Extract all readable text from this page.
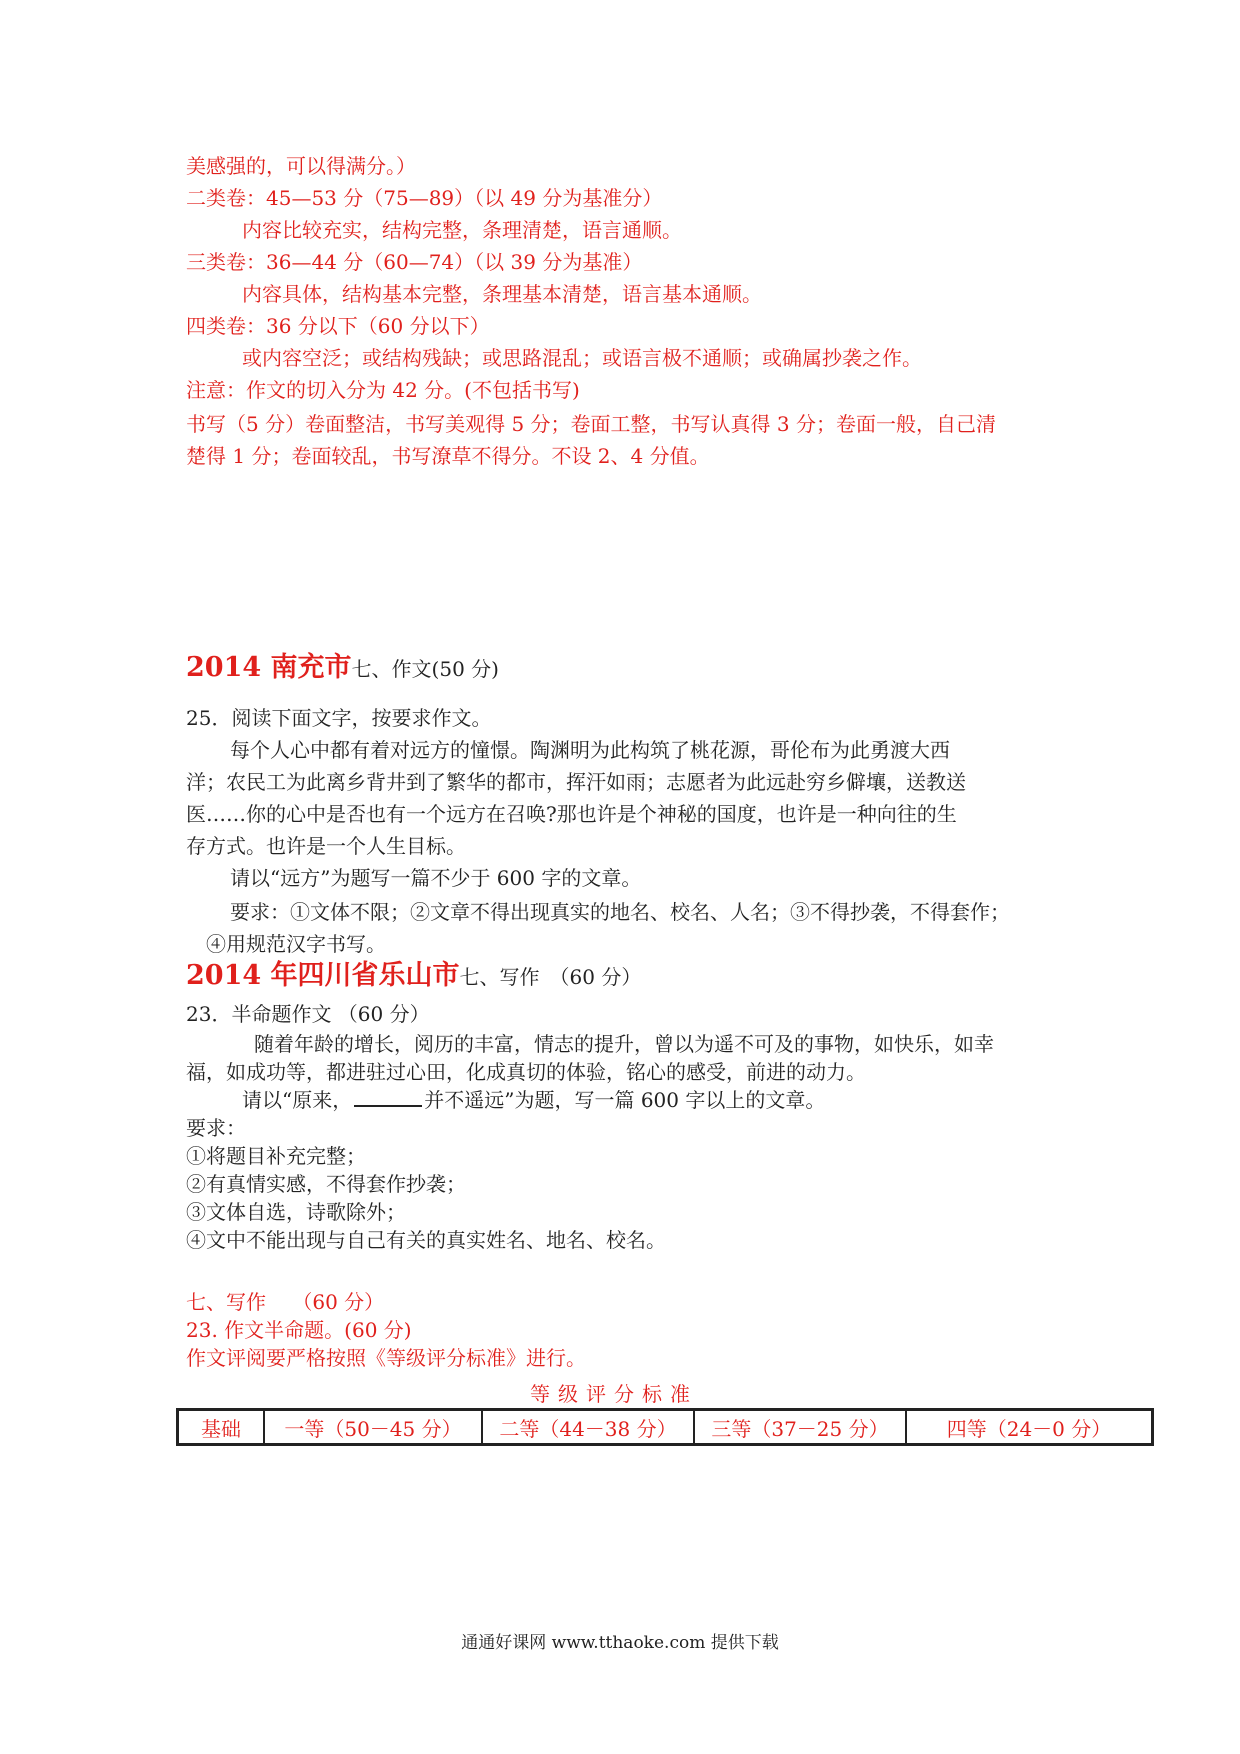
美感强的，可以得满分。）
二类卷：45—53 分（75—89）（以 49 分为基准分）
内容比较充实，结构完整，条理清楚，语言通顺。
三类卷：36—44 分（60—74）（以 39 分为基准）
内容具体，结构基本完整，条理基本清楚，语言基本通顺。
四类卷：36 分以下（60 分以下）
或内容空泛；或结构残缺；或思路混乱；或语言极不通顺；或确属抄袭之作。
注意：作文的切入分为 42 分。(不包括书写)
书写（5 分）卷面整洁，书写美观得 5 分；卷面工整，书写认真得 3 分；卷面一般，自己清
楚得 1 分；卷面较乱，书写潦草不得分。不设 2、4 分值。
2014 南充市七、作文(50 分)
25．阅读下面文字，按要求作文。
每个人心中都有着对远方的憧憬。陶渊明为此构筑了桃花源，哥伦布为此勇渡大西
洋；农民工为此离乡背井到了繁华的都市，挥汗如雨；志愿者为此远赴穷乡僻壤，送教送
医……你的心中是否也有一个远方在召唤?那也许是个神秘的国度，也许是一种向往的生
存方式。也许是一个人生目标。
请以“远方”为题写一篇不少于 600 字的文章。
要求：①文体不限；②文章不得出现真实的地名、校名、人名；③不得抄袭，不得套作；
④用规范汉字书写。
2014 年四川省乐山市七、写作　（60 分）
23．半命题作文 （60 分）
随着年龄的增长，阅历的丰富，情志的提升，曾以为遥不可及的事物，如快乐，如幸
福，如成功等，都进驻过心田，化成真切的体验，铭心的感受，前进的动力。
请以“原来，	并不遥远”为题，写一篇 600 字以上的文章。
要求：
①将题目补充完整；
②有真情实感，不得套作抄袭；
③文体自选，诗歌除外；
④文中不能出现与自己有关的真实姓名、地名、校名。
七、写作　 （60 分）
23. 作文半命题。(60 分)
作文评阅要严格按照《等级评分标准》进行。
等级评分标准
基础	一等（50－45 分）	二等（44－38 分）	三等（37－25 分）	四等（24－0 分）
通通好课网 www.tthaoke.com 提供下载
